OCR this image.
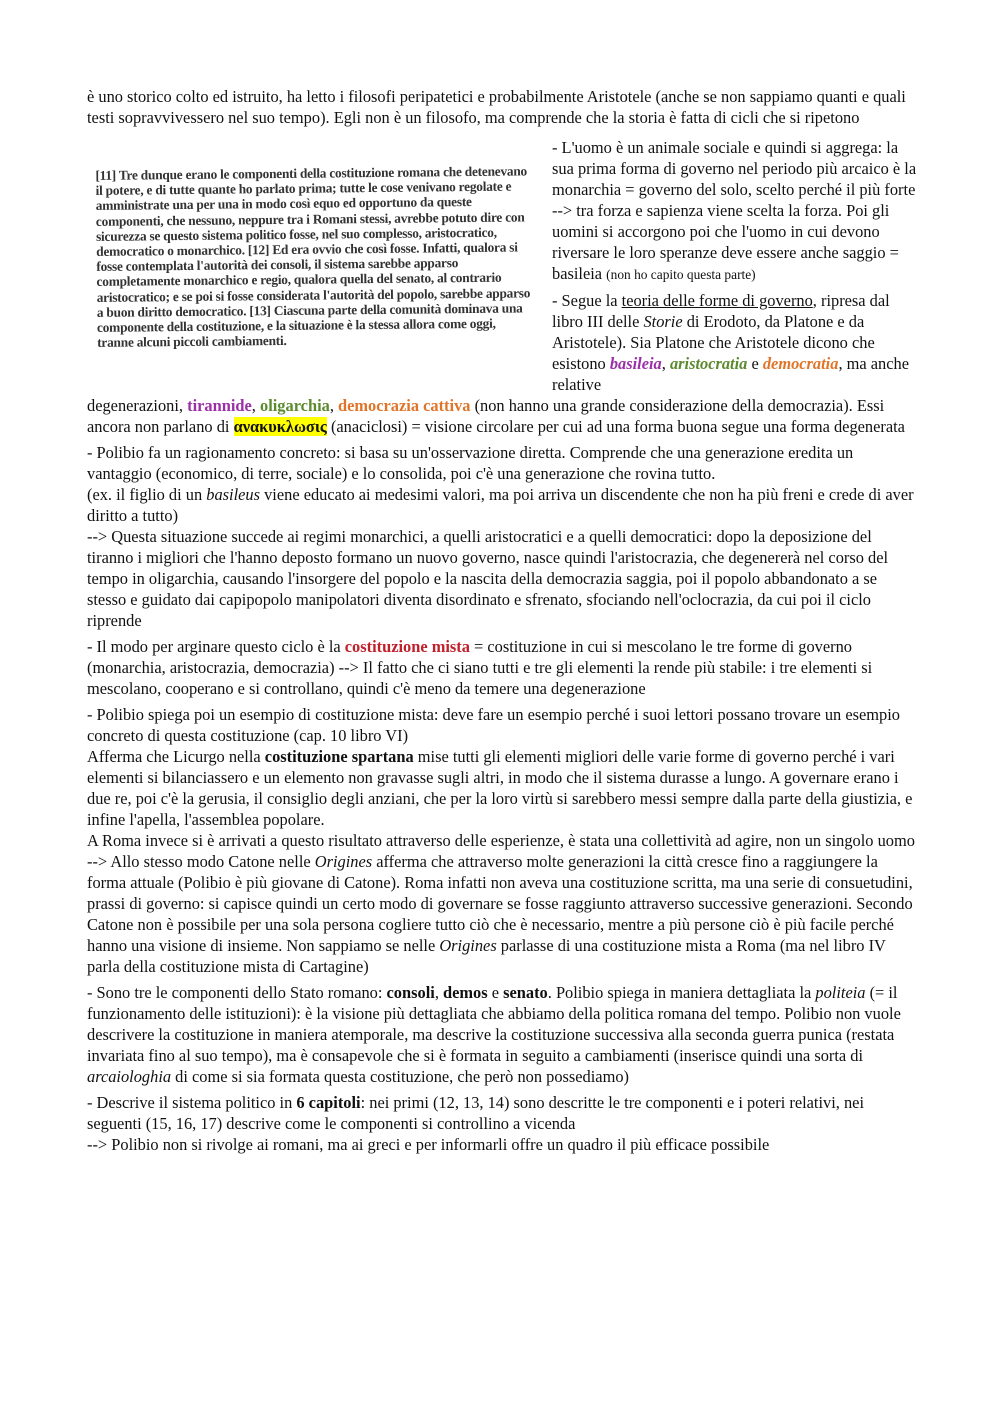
è uno storico colto ed istruito, ha letto i filosofi peripatetici e probabilmente Aristotele (anche se non sappiamo quanti e quali testi sopravvivessero nel suo tempo). Egli non è un filosofo, ma comprende che la storia è fatta di cicli che si ripetono

[11] Tre dunque erano le componenti della costituzione romana che detenevano il potere, e di tutte quante ho parlato prima; tutte le cose venivano regolate e amministrate una per una in modo così equo ed opportuno da queste componenti, che nessuno, neppure tra i Romani stessi, avrebbe potuto dire con sicurezza se questo sistema politico fosse, nel suo complesso, aristocratico, democratico o monarchico. [12] Ed era ovvio che così fosse. Infatti, qualora si fosse contemplata l'autorità dei consoli, il sistema sarebbe apparso completamente monarchico e regio, qualora quella del senato, al contrario aristocratico; e se poi si fosse considerata l'autorità del popolo, sarebbe apparso a buon diritto democratico. [13] Ciascuna parte della comunità dominava una componente della costituzione, e la situazione è la stessa allora come oggi, tranne alcuni piccoli cambiamenti.

- L'uomo è un animale sociale e quindi si aggrega: la sua prima forma di governo nel periodo più arcaico è la monarchia = governo del solo, scelto perché il più forte --> tra forza e sapienza viene scelta la forza. Poi gli uomini si accorgono poi che l'uomo in cui devono riversare le loro speranze deve essere anche saggio = basileia (non ho capito questa parte)

- Segue la teoria delle forme di governo, ripresa dal libro III delle Storie di Erodoto, da Platone e da Aristotele). Sia Platone che Aristotele dicono che esistono basileia, aristocratia e democratia, ma anche relative

degenerazioni, tirannide, oligarchia, democrazia cattiva (non hanno una grande considerazione della democrazia). Essi ancora non parlano di ανακυκλωσις (anaciclosi) = visione circolare per cui ad una forma buona segue una forma degenerata

- Polibio fa un ragionamento concreto: si basa su un'osservazione diretta. Comprende che una generazione eredita un vantaggio (economico, di terre, sociale) e lo consolida, poi c'è una generazione che rovina tutto.

(ex. il figlio di un basileus viene educato ai medesimi valori, ma poi arriva un discendente che non ha più freni e crede di aver diritto a tutto)

--> Questa situazione succede ai regimi monarchici, a quelli aristocratici e a quelli democratici: dopo la deposizione del tiranno i migliori che l'hanno deposto formano un nuovo governo, nasce quindi l'aristocrazia, che degenererà nel corso del tempo in oligarchia, causando l'insorgere del popolo e la nascita della democrazia saggia, poi il popolo abbandonato a se stesso e guidato dai capipopolo manipolatori diventa disordinato e sfrenato, sfociando nell'oclocrazia, da cui poi il ciclo riprende

- Il modo per arginare questo ciclo è la costituzione mista = costituzione in cui si mescolano le tre forme di governo (monarchia, aristocrazia, democrazia) --> Il fatto che ci siano tutti e tre gli elementi la rende più stabile: i tre elementi si mescolano, cooperano e si controllano, quindi c'è meno da temere una degenerazione

- Polibio spiega poi un esempio di costituzione mista: deve fare un esempio perché i suoi lettori possano trovare un esempio concreto di questa costituzione (cap. 10 libro VI)

Afferma che Licurgo nella costituzione spartana mise tutti gli elementi migliori delle varie forme di governo perché i vari elementi si bilanciassero e un elemento non gravasse sugli altri, in modo che il sistema durasse a lungo. A governare erano i due re, poi c'è la gerusia, il consiglio degli anziani, che per la loro virtù si sarebbero messi sempre dalla parte della giustizia, e infine l'apella, l'assemblea popolare.

A Roma invece si è arrivati a questo risultato attraverso delle esperienze, è stata una collettività ad agire, non un singolo uomo

--> Allo stesso modo Catone nelle Origines afferma che attraverso molte generazioni la città cresce fino a raggiungere la forma attuale (Polibio è più giovane di Catone). Roma infatti non aveva una costituzione scritta, ma una serie di consuetudini, prassi di governo: si capisce quindi un certo modo di governare se fosse raggiunto attraverso successive generazioni. Secondo Catone non è possibile per una sola persona cogliere tutto ciò che è necessario, mentre a più persone ciò è più facile perché hanno una visione di insieme. Non sappiamo se nelle Origines parlasse di una costituzione mista a Roma (ma nel libro IV parla della costituzione mista di Cartagine)

- Sono tre le componenti dello Stato romano: consoli, demos e senato. Polibio spiega in maniera dettagliata la politeia (= il funzionamento delle istituzioni): è la visione più dettagliata che abbiamo della politica romana del tempo. Polibio non vuole descrivere la costituzione in maniera atemporale, ma descrive la costituzione successiva alla seconda guerra punica (restata invariata fino al suo tempo), ma è consapevole che si è formata in seguito a cambiamenti (inserisce quindi una sorta di arcaiologhia di come si sia formata questa costituzione, che però non possediamo)

- Descrive il sistema politico in 6 capitoli: nei primi (12, 13, 14) sono descritte le tre componenti e i poteri relativi, nei seguenti (15, 16, 17) descrive come le componenti si controllino a vicenda

--> Polibio non si rivolge ai romani, ma ai greci e per informarli offre un quadro il più efficace possibile
